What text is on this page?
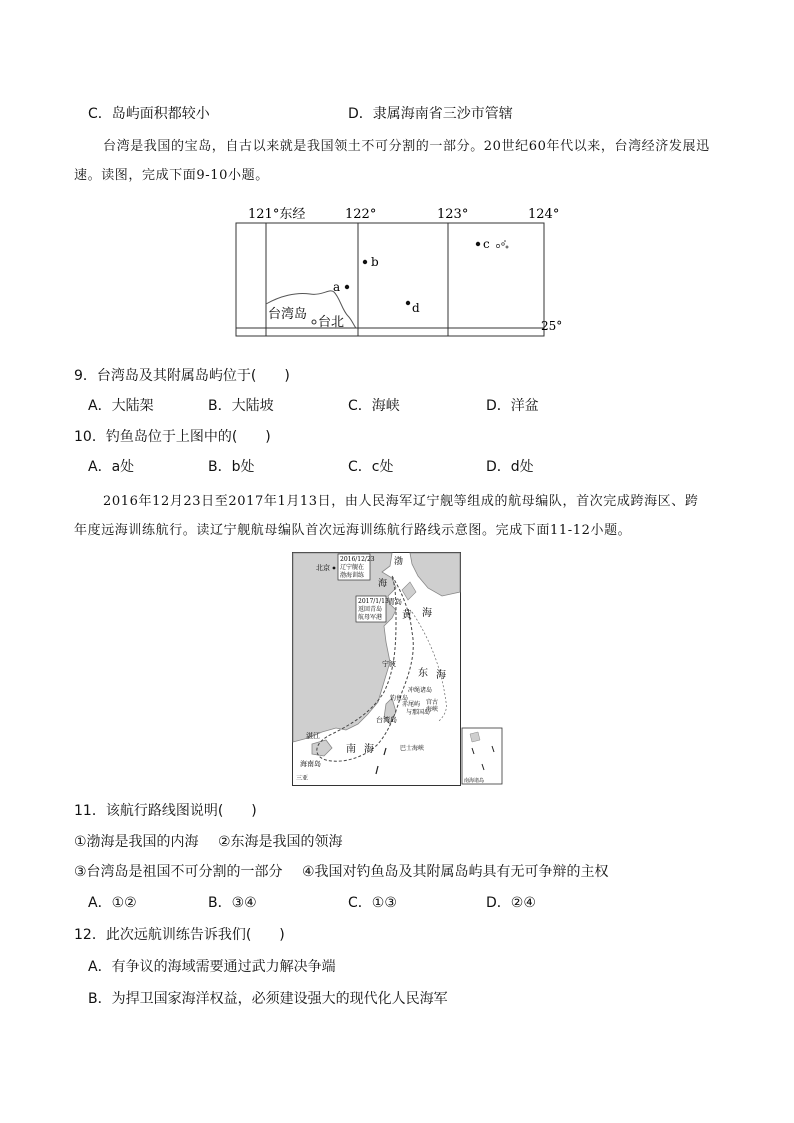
C．岛屿面积都较小	D．隶属海南省三沙市管辖
台湾是我国的宝岛，自古以来就是我国领土不可分割的一部分。20世纪60年代以来，台湾经济发展迅
速。读图，完成下面9-10小题。
121°东经	122°	123°	124°
25°
台湾岛
台北
a
b
c
d
9．台湾岛及其附属岛屿位于(　　)
A．大陆架	B．大陆坡	C．海峡	D．洋盆
10．钓鱼岛位于上图中的(　　)
A．a处	B．b处	C．c处	D．d处
2016年12月23日至2017年1月13日，由人民海军辽宁舰等组成的航母编队，首次完成跨海区、跨
年度远海训练航行。读辽宁舰航母编队首次远海训练航行路线示意图。完成下面11-12小题。
2016/12/23
辽宁舰在
渤海训练
2017/1/13
返回青岛
航母军港
北京
渤
海
青岛
黄 海
东 海
宁波
冲绳诸岛
钓鱼岛
赤尾屿 宫古
海峡
与那国岛
台湾岛
巴士海峡
湛江
海南岛
三亚
南 海
南海诸岛
11．该航行路线图说明(　　)
①渤海是我国的内海 ②东海是我国的领海
③台湾岛是祖国不可分割的一部分 ④我国对钓鱼岛及其附属岛屿具有无可争辩的主权
A．①②	B．③④	C．①③	D．②④
12．此次远航训练告诉我们(　　)
A．有争议的海域需要通过武力解决争端
B．为捍卫国家海洋权益，必须建设强大的现代化人民海军
